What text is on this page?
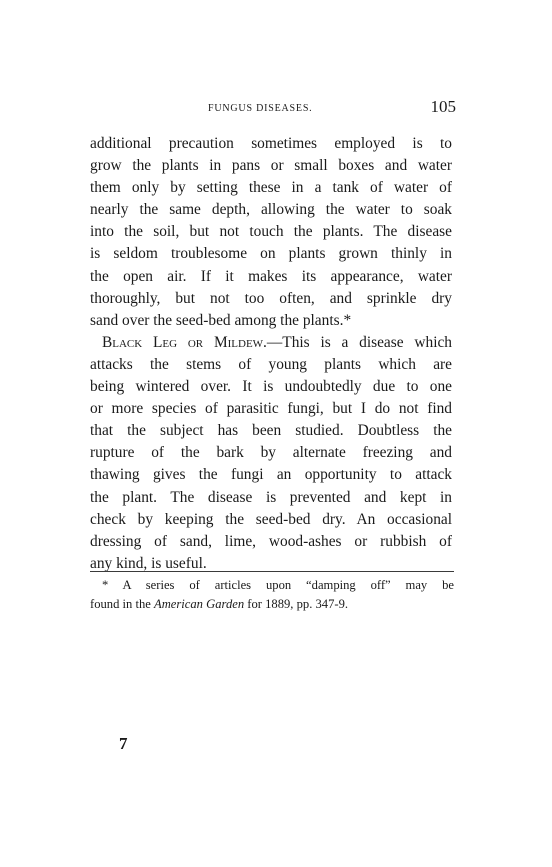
FUNGUS DISEASES.	105
additional precaution sometimes employed is to
grow the plants in pans or small boxes and water
them only by setting these in a tank of water of
nearly the same depth, allowing the water to soak
into the soil, but not touch the plants. The disease
is seldom troublesome on plants grown thinly in
the open air. If it makes its appearance, water
thoroughly, but not too often, and sprinkle dry
sand over the seed-bed among the plants.*
Black Leg or Mildew.—This is a disease which
attacks the stems of young plants which are
being wintered over. It is undoubtedly due to one
or more species of parasitic fungi, but I do not find
that the subject has been studied. Doubtless the
rupture of the bark by alternate freezing and
thawing gives the fungi an opportunity to attack
the plant. The disease is prevented and kept in
check by keeping the seed-bed dry. An occasional
dressing of sand, lime, wood-ashes or rubbish of
any kind, is useful.
* A series of articles upon “damping off” may be
found in the American Garden for 1889, pp. 347-9.
7
